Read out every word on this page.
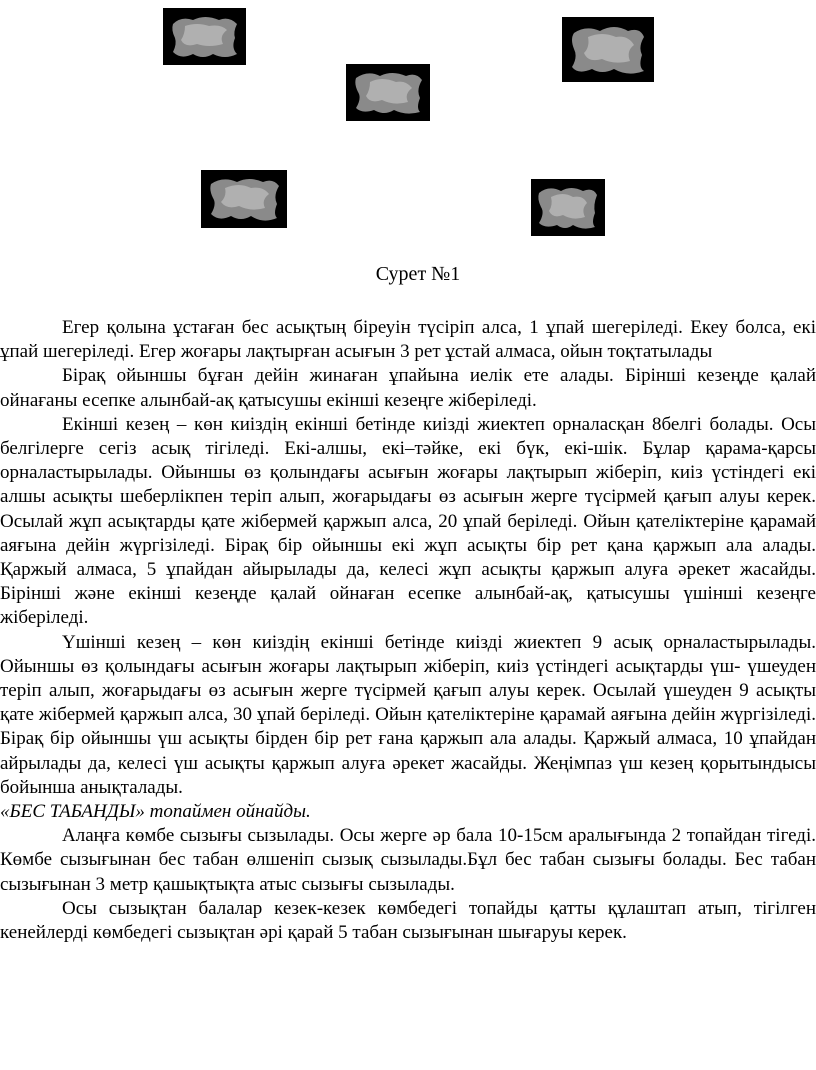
Сурет №1

Егер қолына ұстаған бес асықтың біреуін түсіріп алса, 1 ұпай шегеріледі. Екеу болса, екі ұпай шегеріледі. Егер жоғары лақтырған асығын 3 рет ұстай алмаса, ойын тоқтатылады

Бірақ ойыншы бұған дейін жинаған ұпайына иелік ете алады. Бірінші кезеңде қалай ойнағаны есепке алынбай-ақ қатысушы екінші кезеңге жіберіледі.

Екінші кезең – көн киіздің екінші бетінде киізді жиектеп орналасқан 8белгі болады. Осы белгілерге сегіз асық тігіледі. Екі-алшы, екі–тәйке, екі бүк, екі-шік. Бұлар қарама-қарсы орналастырылады. Ойыншы өз қолындағы асығын жоғары лақтырып жіберіп, киіз үстіндегі екі алшы асықты шеберлікпен теріп алып, жоғарыдағы өз асығын жерге түсірмей қағып алуы керек. Осылай жұп асықтарды қате жібермей қаржып алса, 20 ұпай беріледі. Ойын қателіктеріне қарамай аяғына дейін жүргізіледі. Бірақ бір ойыншы екі жұп асықты бір рет қана қаржып ала алады. Қаржый алмаса, 5 ұпайдан айырылады да, келесі жұп асықты қаржып алуға әрекет жасайды. Бірінші және екінші кезеңде қалай ойнаған есепке алынбай-ақ, қатысушы үшінші кезеңге жіберіледі.

Үшінші кезең – көн киіздің екінші бетінде киізді жиектеп 9 асық орналастырылады. Ойыншы өз қолындағы асығын жоғары лақтырып жіберіп, киіз үстіндегі асықтарды үш- үшеуден теріп алып, жоғарыдағы өз асығын жерге түсірмей қағып алуы керек. Осылай үшеуден 9 асықты қате жібермей қаржып алса, 30 ұпай беріледі. Ойын қателіктеріне қарамай аяғына дейін жүргізіледі. Бірақ бір ойыншы үш асықты бірден бір рет ғана қаржып ала алады. Қаржый алмаса, 10 ұпайдан айрылады да, келесі үш асықты қаржып алуға әрекет жасайды. Жеңімпаз үш кезең қорытындысы бойынша анықталады.

«БЕС ТАБАНДЫ» топаймен ойнайды.

Алаңға көмбе сызығы сызылады. Осы жерге әр бала 10-15см аралығында 2 топайдан тігеді. Көмбе сызығынан бес табан өлшеніп сызық сызылады.Бұл бес табан сызығы болады. Бес табан сызығынан 3 метр қашықтықта атыс сызығы сызылады.

Осы сызықтан балалар кезек-кезек көмбедегі топайды қатты құлаштап атып, тігілген кенейлерді көмбедегі сызықтан әрі қарай 5 табан сызығынан шығаруы керек.
